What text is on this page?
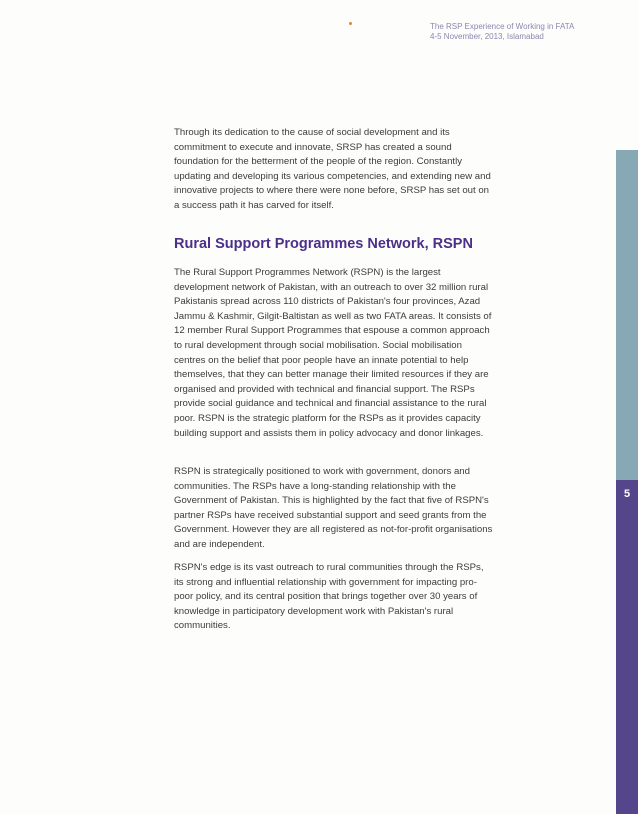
The RSP Experience of Working in FATA
4-5 November, 2013, Islamabad

Through its dedication to the cause of social development and its commitment to execute and innovate, SRSP has created a sound foundation for the betterment of the people of the region. Constantly updating and developing its various competencies, and extending new and innovative projects to where there were none before, SRSP has set out on a success path it has carved for itself.

Rural Support Programmes Network, RSPN

The Rural Support Programmes Network (RSPN) is the largest development network of Pakistan, with an outreach to over 32 million rural Pakistanis spread across 110 districts of Pakistan's four provinces, Azad Jammu & Kashmir, Gilgit-Baltistan as well as two FATA areas. It consists of 12 member Rural Support Programmes that espouse a common approach to rural development through social mobilisation. Social mobilisation centres on the belief that poor people have an innate potential to help themselves, that they can better manage their limited resources if they are organised and provided with technical and financial support. The RSPs provide social guidance and technical and financial assistance to the rural poor. RSPN is the strategic platform for the RSPs as it provides capacity building support and assists them in policy advocacy and donor linkages.

RSPN is strategically positioned to work with government, donors and communities. The RSPs have a long-standing relationship with the Government of Pakistan. This is highlighted by the fact that five of RSPN's partner RSPs have received substantial support and seed grants from the Government. However they are all registered as not-for-profit organisations and are independent.

RSPN's edge is its vast outreach to rural communities through the RSPs, its strong and influential relationship with government for impacting pro-poor policy, and its central position that brings together over 30 years of knowledge in participatory development work with Pakistan's rural communities.

5
